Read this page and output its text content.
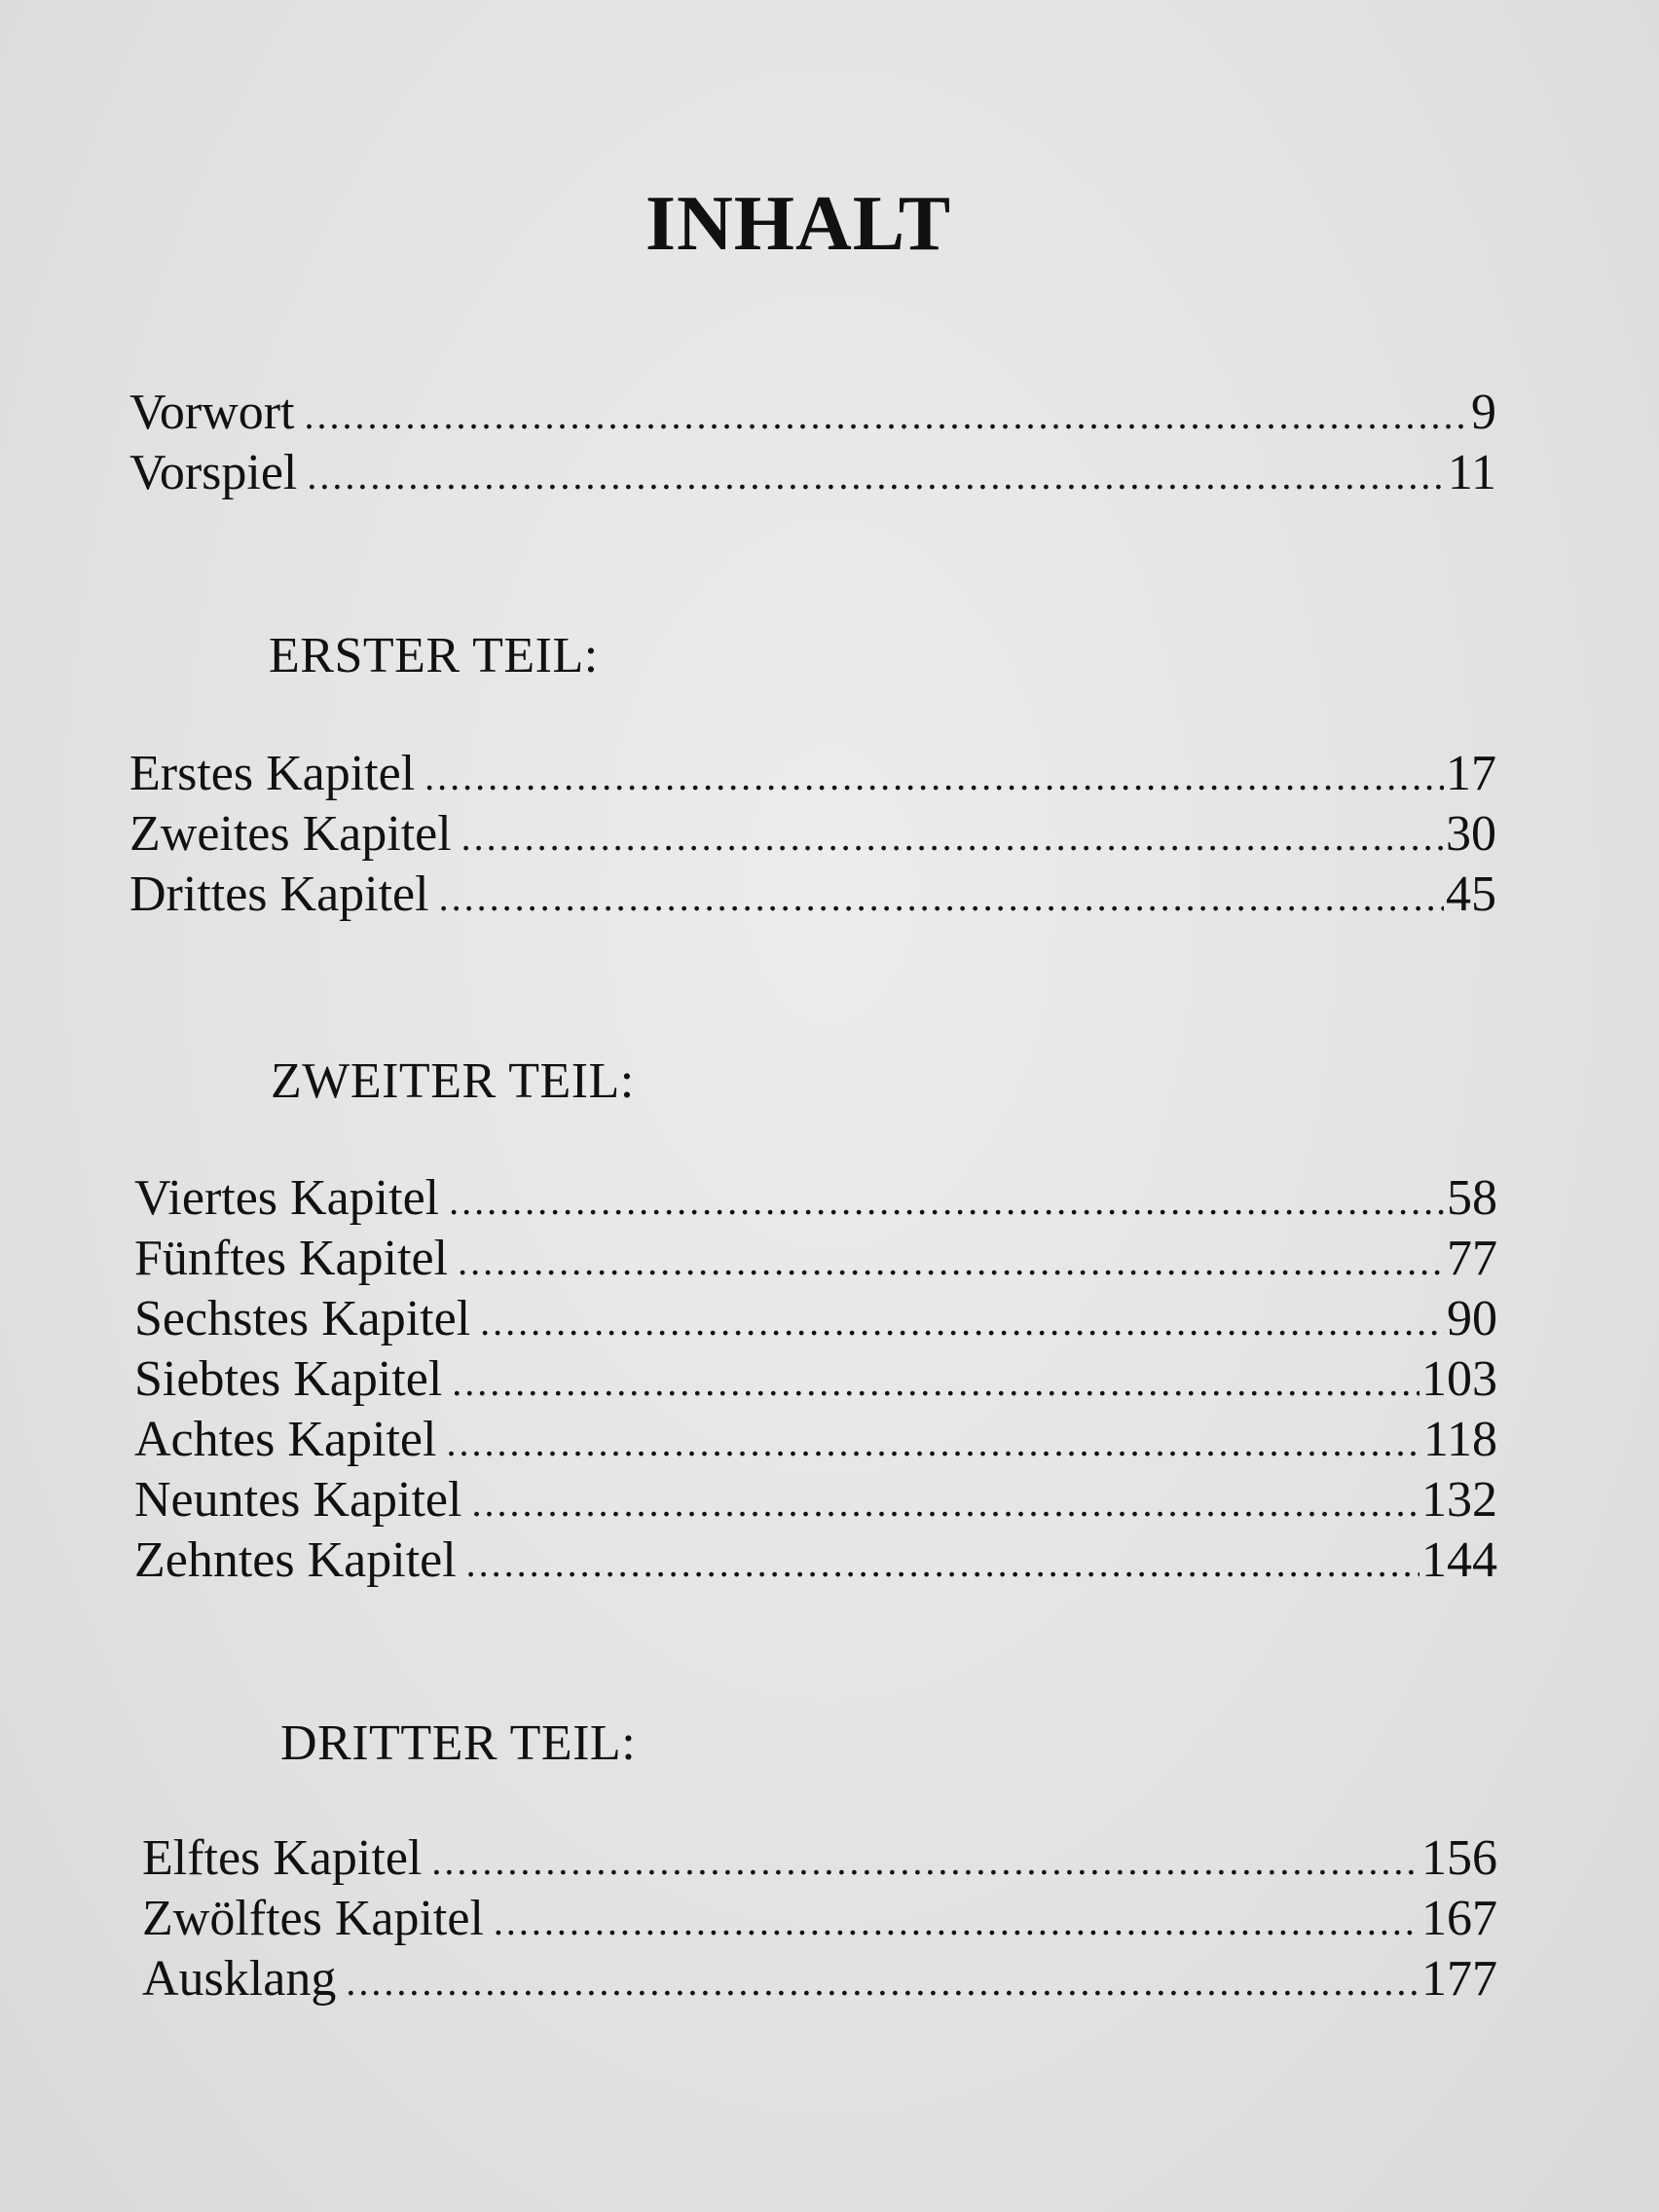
INHALT
Vorwort .....	9
Vorspiel .....	11
ERSTER TEIL:
Erstes Kapitel .....	17
Zweites Kapitel .....	30
Drittes Kapitel .....	45
ZWEITER TEIL:
Viertes Kapitel .....	58
Fünftes Kapitel .....	77
Sechstes Kapitel .....	90
Siebtes Kapitel .....	103
Achtes Kapitel .....	118
Neuntes Kapitel .....	132
Zehntes Kapitel .....	144
DRITTER TEIL:
Elftes Kapitel .....	156
Zwölftes Kapitel .....	167
Ausklang .....	177
